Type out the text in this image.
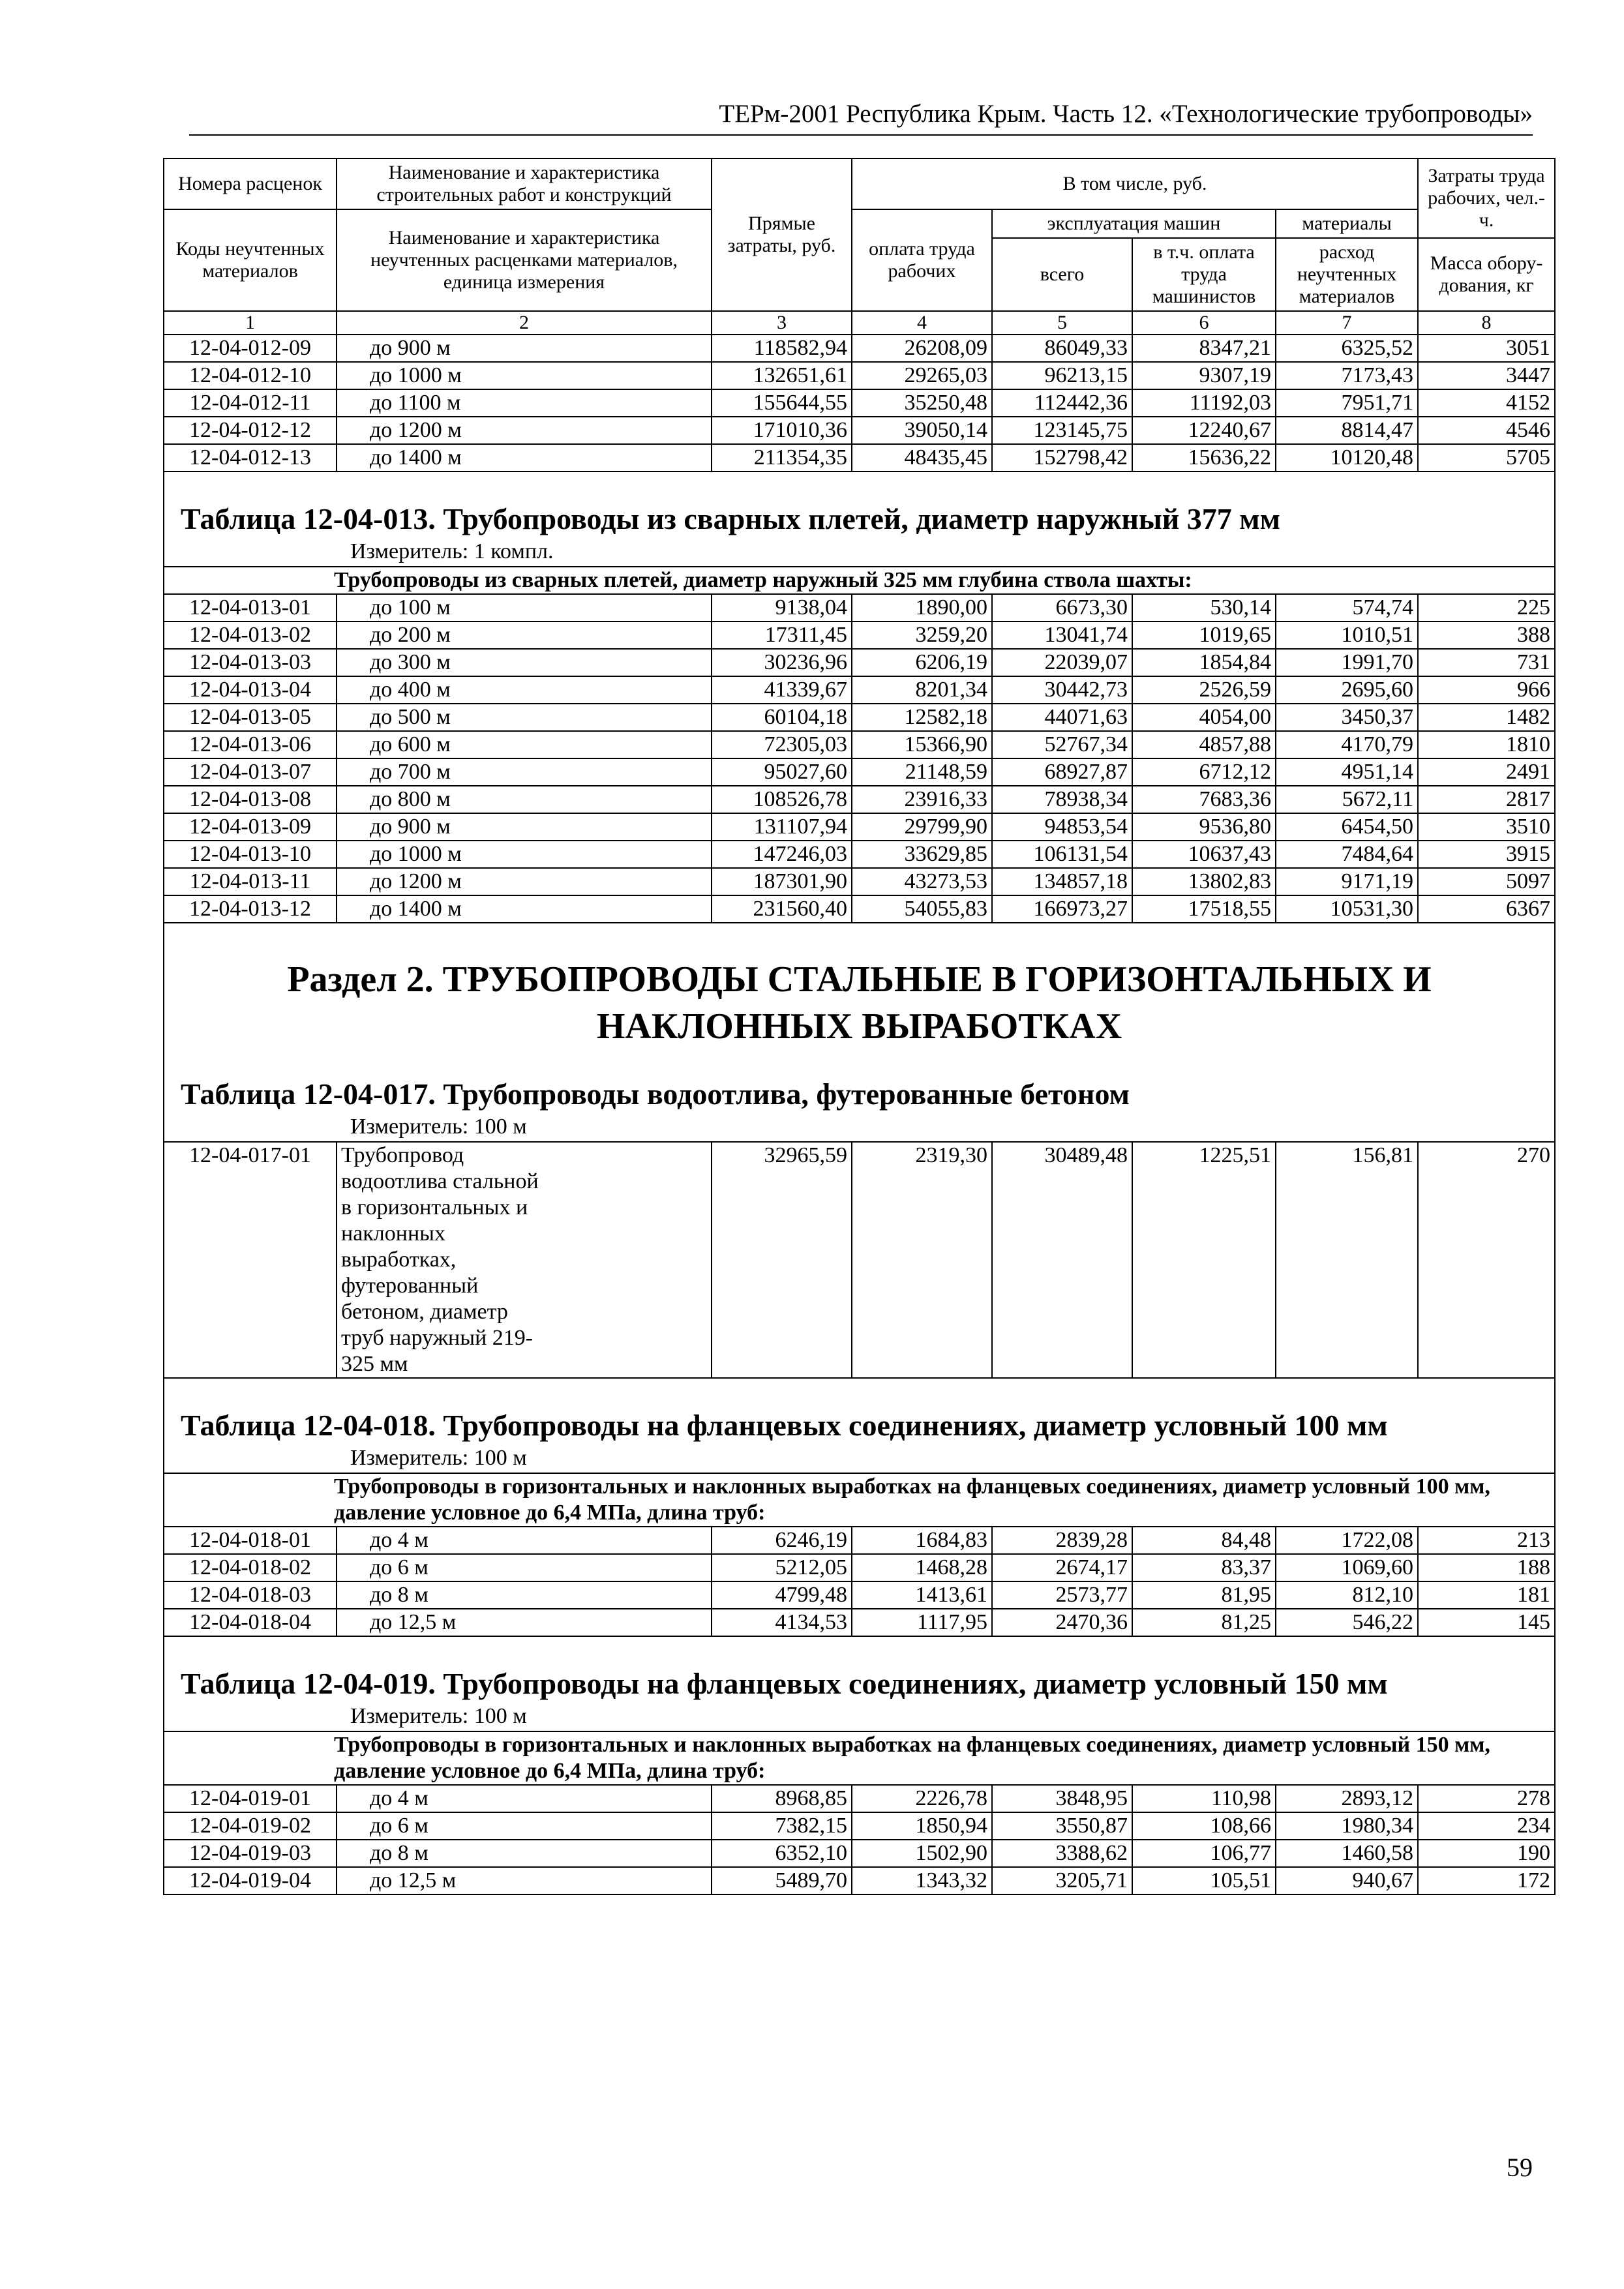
ТЕРм-2001 Республика Крым. Часть 12. «Технологические трубопроводы»
Номера расценок	Наименование и характеристика строительных работ и конструкций	Прямые затраты, руб.	В том числе, руб.				Затраты труда рабочих, чел.-ч.
Коды неучтенных материалов	Наименование и характеристика неучтенных расценками материалов, единица измерения		оплата труда рабочих	эксплуатация машин		материалы	
				всего	в т.ч. оплата труда машинистов	расход неучтенных материалов	Масса обору-дования, кг
1	2	3	4	5	6	7	8
12-04-012-09	до 900 м	118582,94	26208,09	86049,33	8347,21	6325,52	3051
12-04-012-10	до 1000 м	132651,61	29265,03	96213,15	9307,19	7173,43	3447
12-04-012-11	до 1100 м	155644,55	35250,48	112442,36	11192,03	7951,71	4152
12-04-012-12	до 1200 м	171010,36	39050,14	123145,75	12240,67	8814,47	4546
12-04-012-13	до 1400 м	211354,35	48435,45	152798,42	15636,22	10120,48	5705

Таблица 12-04-013. Трубопроводы из сварных плетей, диаметр наружный 377 мм
Измеритель: 1 компл.							

Трубопроводы из сварных плетей, диаметр наружный 325 мм глубина ствола шахты:							
12-04-013-01	до 100 м	9138,04	1890,00	6673,30	530,14	574,74	225
12-04-013-02	до 200 м	17311,45	3259,20	13041,74	1019,65	1010,51	388
12-04-013-03	до 300 м	30236,96	6206,19	22039,07	1854,84	1991,70	731
12-04-013-04	до 400 м	41339,67	8201,34	30442,73	2526,59	2695,60	966
12-04-013-05	до 500 м	60104,18	12582,18	44071,63	4054,00	3450,37	1482
12-04-013-06	до 600 м	72305,03	15366,90	52767,34	4857,88	4170,79	1810
12-04-013-07	до 700 м	95027,60	21148,59	68927,87	6712,12	4951,14	2491
12-04-013-08	до 800 м	108526,78	23916,33	78938,34	7683,36	5672,11	2817
12-04-013-09	до 900 м	131107,94	29799,90	94853,54	9536,80	6454,50	3510
12-04-013-10	до 1000 м	147246,03	33629,85	106131,54	10637,43	7484,64	3915
12-04-013-11	до 1200 м	187301,90	43273,53	134857,18	13802,83	9171,19	5097
12-04-013-12	до 1400 м	231560,40	54055,83	166973,27	17518,55	10531,30	6367

Раздел 2. ТРУБОПРОВОДЫ СТАЛЬНЫЕ В ГОРИЗОНТАЛЬНЫХ И
НАКЛОННЫХ ВЫРАБОТКАХ
Таблица 12-04-017. Трубопроводы водоотлива, футерованные бетоном
Измеритель: 100 м							

12-04-017-01	Трубопровод водоотлива стальной в горизонтальных и наклонных выработках, футерованный бетоном, диаметр труб наружный 219-325 мм	32965,59	2319,30	30489,48	1225,51	156,81	270

Таблица 12-04-018. Трубопроводы на фланцевых соединениях, диаметр условный 100 мм
Измеритель: 100 м							

Трубопроводы в горизонтальных и наклонных выработках на фланцевых соединениях, диаметр условный 100 мм, давление условное до 6,4 МПа, длина труб:							
12-04-018-01	до 4 м	6246,19	1684,83	2839,28	84,48	1722,08	213
12-04-018-02	до 6 м	5212,05	1468,28	2674,17	83,37	1069,60	188
12-04-018-03	до 8 м	4799,48	1413,61	2573,77	81,95	812,10	181
12-04-018-04	до 12,5 м	4134,53	1117,95	2470,36	81,25	546,22	145

Таблица 12-04-019. Трубопроводы на фланцевых соединениях, диаметр условный 150 мм
Измеритель: 100 м							

Трубопроводы в горизонтальных и наклонных выработках на фланцевых соединениях, диаметр условный 150 мм, давление условное до 6,4 МПа, длина труб:							
12-04-019-01	до 4 м	8968,85	2226,78	3848,95	110,98	2893,12	278
12-04-019-02	до 6 м	7382,15	1850,94	3550,87	108,66	1980,34	234
12-04-019-03	до 8 м	6352,10	1502,90	3388,62	106,77	1460,58	190
12-04-019-04	до 12,5 м	5489,70	1343,32	3205,71	105,51	940,67	172
59
